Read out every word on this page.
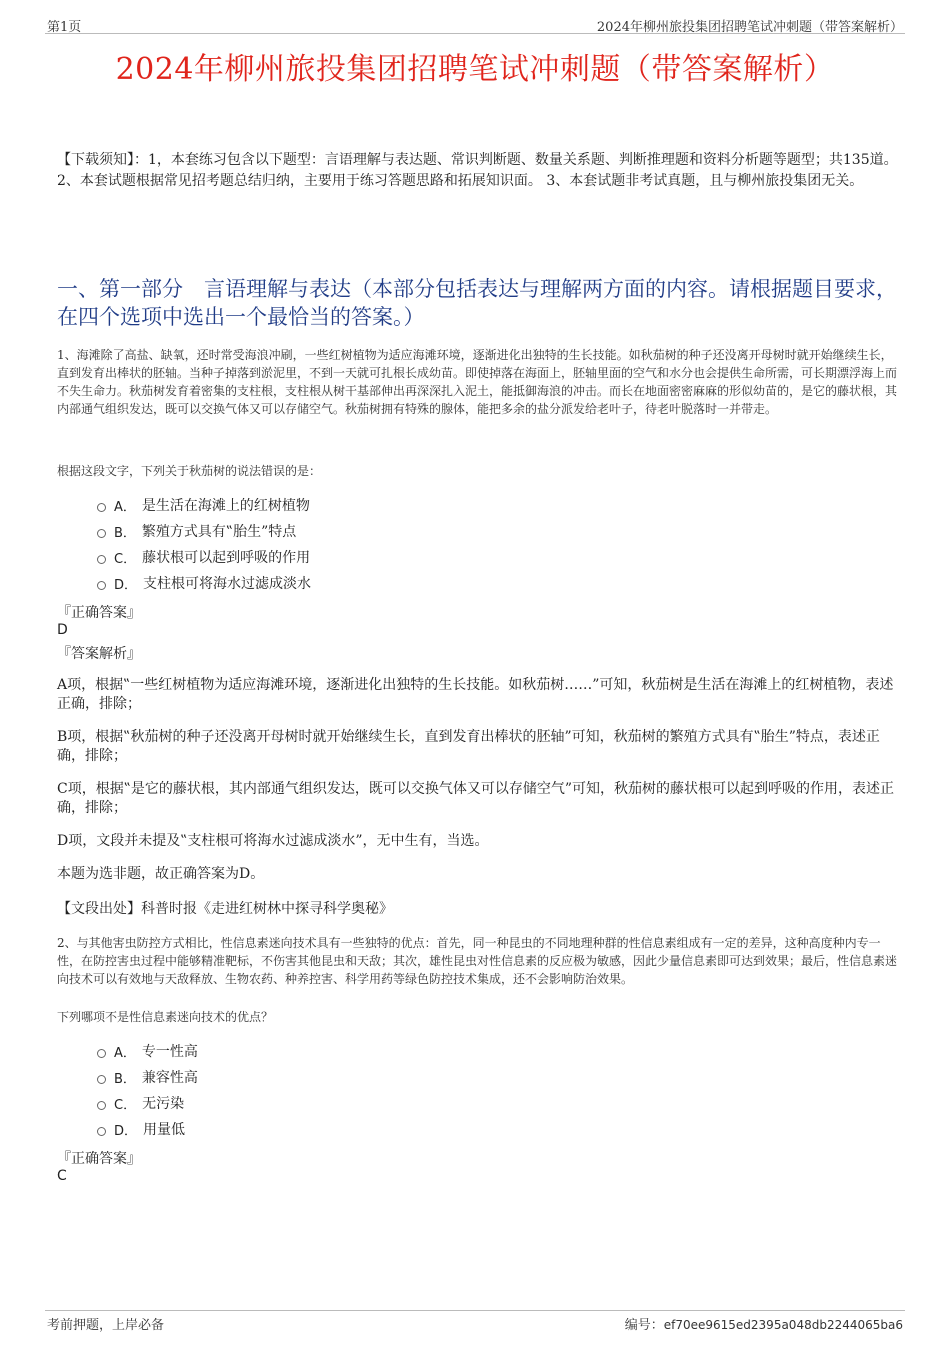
第1页	2024年柳州旅投集团招聘笔试冲刺题（带答案解析）
2024年柳州旅投集团招聘笔试冲刺题（带答案解析）
【下载须知】：1，本套练习包含以下题型：言语理解与表达题、常识判断题、数量关系题、判断推理题和资料分析题等题型；共135道。 2、本套试题根据常见招考题总结归纳，主要用于练习答题思路和拓展知识面。 3、本套试题非考试真题，且与柳州旅投集团无关。
一、第一部分　言语理解与表达（本部分包括表达与理解两方面的内容。请根据题目要求，在四个选项中选出一个最恰当的答案。）
1、海滩除了高盐、缺氧，还时常受海浪冲刷，一些红树植物为适应海滩环境，逐渐进化出独特的生长技能。如秋茄树的种子还没离开母树时就开始继续生长，直到发育出棒状的胚轴。当种子掉落到淤泥里，不到一天就可扎根长成幼苗。即使掉落在海面上，胚轴里面的空气和水分也会提供生命所需，可长期漂浮海上而不失生命力。秋茄树发育着密集的支柱根，支柱根从树干基部伸出再深深扎入泥土，能抵御海浪的冲击。而长在地面密密麻麻的形似幼苗的，是它的藤状根，其内部通气组织发达，既可以交换气体又可以存储空气。秋茄树拥有特殊的腺体，能把多余的盐分派发给老叶子，待老叶脱落时一并带走。
根据这段文字，下列关于秋茄树的说法错误的是：
A． 是生活在海滩上的红树植物
B． 繁殖方式具有‟胎生”特点
C． 藤状根可以起到呼吸的作用
D． 支柱根可将海水过滤成淡水
『正确答案』
D
『答案解析』
A项，根据‟一些红树植物为适应海滩环境，逐渐进化出独特的生长技能。如秋茄树……”可知，秋茄树是生活在海滩上的红树植物，表述正确，排除；
B项，根据‟秋茄树的种子还没离开母树时就开始继续生长，直到发育出棒状的胚轴”可知，秋茄树的繁殖方式具有‟胎生”特点，表述正确，排除；
C项，根据‟是它的藤状根，其内部通气组织发达，既可以交换气体又可以存储空气”可知，秋茄树的藤状根可以起到呼吸的作用，表述正确，排除；
D项，文段并未提及‟支柱根可将海水过滤成淡水”，无中生有，当选。
本题为选非题，故正确答案为D。
【文段出处】科普时报《走进红树林中探寻科学奥秘》
2、与其他害虫防控方式相比，性信息素迷向技术具有一些独特的优点：首先，同一种昆虫的不同地理种群的性信息素组成有一定的差异，这种高度种内专一性，在防控害虫过程中能够精准靶标，不伤害其他昆虫和天敌；其次，雄性昆虫对性信息素的反应极为敏感，因此少量信息素即可达到效果；最后，性信息素迷向技术可以有效地与天敌释放、生物农药、种养控害、科学用药等绿色防控技术集成，还不会影响防治效果。
下列哪项不是性信息素迷向技术的优点？
A． 专一性高
B． 兼容性高
C． 无污染
D． 用量低
『正确答案』
C
考前押题，上岸必备	编号：ef70ee9615ed2395a048db2244065ba6
